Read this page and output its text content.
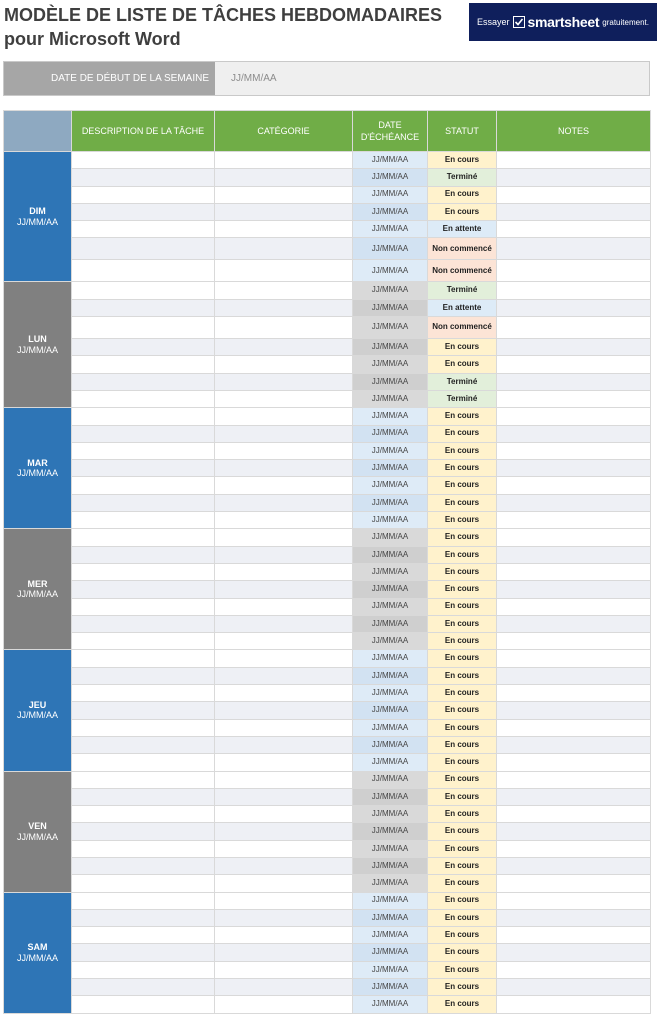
MODÈLE DE LISTE DE TÂCHES HEBDOMADAIRES
pour Microsoft Word
Essayer smartsheet gratuitement.
DATE DE DÉBUT DE LA SEMAINE	JJ/MM/AA
	DESCRIPTION DE LA TÂCHE	CATÉGORIE	DATE D'ÉCHÉANCE	STATUT	NOTES

DIM
JJ/MM/AA			JJ/MM/AA	En cours	
			JJ/MM/AA	Terminé	
			JJ/MM/AA	En cours	
			JJ/MM/AA	En cours	
			JJ/MM/AA	En attente	
			JJ/MM/AA	Non commencé	
			JJ/MM/AA	Non commencé	

LUN
JJ/MM/AA			JJ/MM/AA	Terminé	
			JJ/MM/AA	En attente	
			JJ/MM/AA	Non commencé	
			JJ/MM/AA	En cours	
			JJ/MM/AA	En cours	
			JJ/MM/AA	Terminé	
			JJ/MM/AA	Terminé	

MAR
JJ/MM/AA			JJ/MM/AA	En cours	
			JJ/MM/AA	En cours	
			JJ/MM/AA	En cours	
			JJ/MM/AA	En cours	
			JJ/MM/AA	En cours	
			JJ/MM/AA	En cours	
			JJ/MM/AA	En cours	

MER
JJ/MM/AA			JJ/MM/AA	En cours	
			JJ/MM/AA	En cours	
			JJ/MM/AA	En cours	
			JJ/MM/AA	En cours	
			JJ/MM/AA	En cours	
			JJ/MM/AA	En cours	
			JJ/MM/AA	En cours	

JEU
JJ/MM/AA			JJ/MM/AA	En cours	
			JJ/MM/AA	En cours	
			JJ/MM/AA	En cours	
			JJ/MM/AA	En cours	
			JJ/MM/AA	En cours	
			JJ/MM/AA	En cours	
			JJ/MM/AA	En cours	

VEN
JJ/MM/AA			JJ/MM/AA	En cours	
			JJ/MM/AA	En cours	
			JJ/MM/AA	En cours	
			JJ/MM/AA	En cours	
			JJ/MM/AA	En cours	
			JJ/MM/AA	En cours	
			JJ/MM/AA	En cours	

SAM
JJ/MM/AA			JJ/MM/AA	En cours	
			JJ/MM/AA	En cours	
			JJ/MM/AA	En cours	
			JJ/MM/AA	En cours	
			JJ/MM/AA	En cours	
			JJ/MM/AA	En cours	
			JJ/MM/AA	En cours	
